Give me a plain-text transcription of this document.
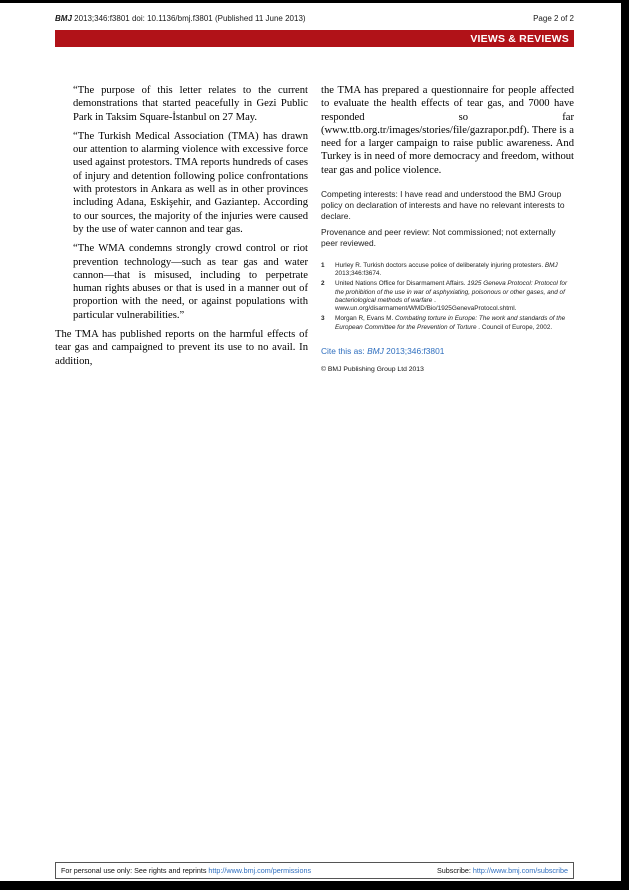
BMJ 2013;346:f3801 doi: 10.1136/bmj.f3801 (Published 11 June 2013)	Page 2 of 2
VIEWS & REVIEWS

“The purpose of this letter relates to the current demonstrations that started peacefully in Gezi Public Park in Taksim Square-İstanbul on 27 May.

“The Turkish Medical Association (TMA) has drawn our attention to alarming violence with excessive force used against protestors. TMA reports hundreds of cases of injury and detention following police confrontations with protestors in Ankara as well as in other provinces including Adana, Eskişehir, and Gaziantep. According to our sources, the majority of the injuries were caused by the use of water cannon and tear gas.

“The WMA condemns strongly crowd control or riot prevention technology—such as tear gas and water cannon—that is misused, including to perpetrate human rights abuses or that is used in a manner out of proportion with the need, or against populations with particular vulnerabilities.”

The TMA has published reports on the harmful effects of tear gas and campaigned to prevent its use to no avail. In addition,

the TMA has prepared a questionnaire for people affected to evaluate the health effects of tear gas, and 7000 have responded so far (www.ttb.org.tr/images/stories/file/gazrapor.pdf). There is a need for a larger campaign to raise public awareness. And Turkey is in need of more democracy and freedom, without tear gas and police violence.

Competing interests: I have read and understood the BMJ Group policy on declaration of interests and have no relevant interests to declare.

Provenance and peer review: Not commissioned; not externally peer reviewed.

1	Hurley R. Turkish doctors accuse police of deliberately injuring protesters. BMJ 2013;346:f3674.
2	United Nations Office for Disarmament Affairs. 1925 Geneva Protocol: Protocol for the prohibition of the use in war of asphyxiating, poisonous or other gases, and of bacteriological methods of warfare . www.un.org/disarmament/WMD/Bio/1925GenevaProtocol.shtml.
3	Morgan R, Evans M. Combating torture in Europe: The work and standards of the European Committee for the Prevention of Torture . Council of Europe, 2002.

Cite this as: BMJ 2013;346:f3801

© BMJ Publishing Group Ltd 2013

For personal use only: See rights and reprints http://www.bmj.com/permissions	Subscribe: http://www.bmj.com/subscribe
